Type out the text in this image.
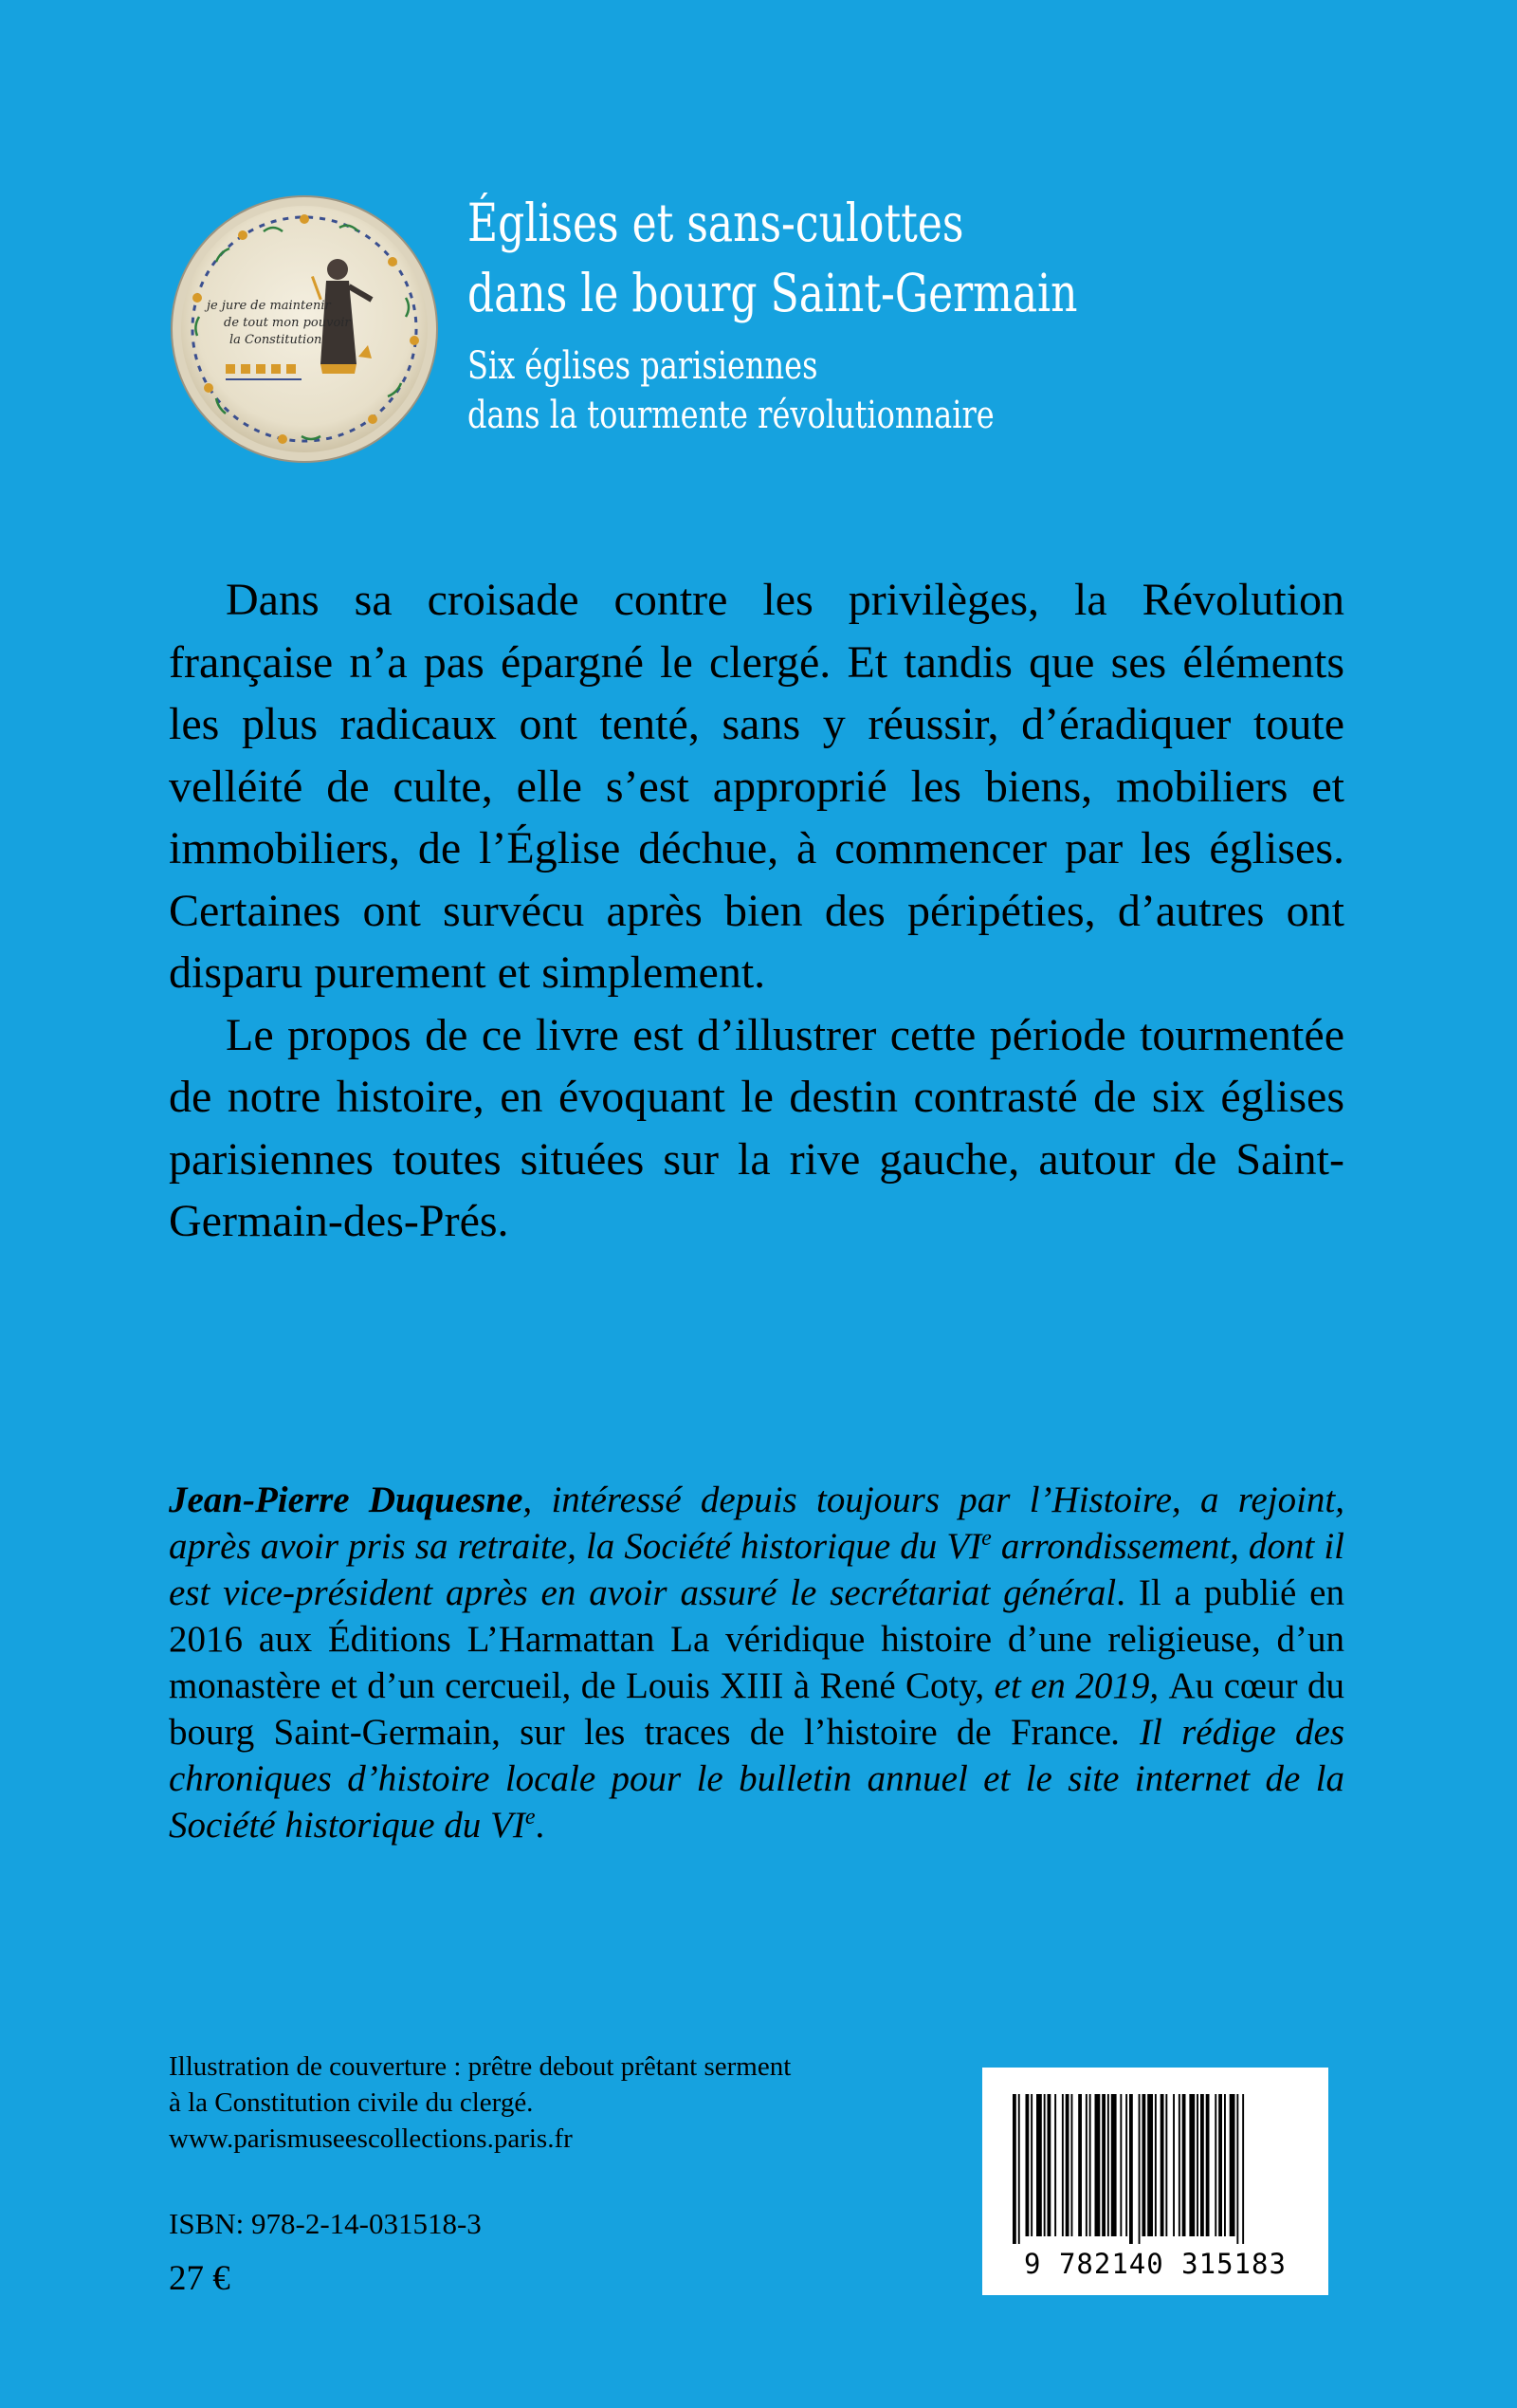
je jure de maintenir
de tout mon pouvoir
la Constitution
Églises et sans-culottes
dans le bourg Saint-Germain
Six églises parisiennes
dans la tourmente révolutionnaire

Dans sa croisade contre les privilèges, la Révolution française n’a pas épargné le clergé. Et tandis que ses éléments les plus radicaux ont tenté, sans y réussir, d’éradiquer toute velléité de culte, elle s’est approprié les biens, mobiliers et immobiliers, de l’Église déchue, à commencer par les églises. Certaines ont survécu après bien des péripéties, d’autres ont disparu purement et simplement.

Le propos de ce livre est d’illustrer cette période tourmentée de notre histoire, en évoquant le destin contrasté de six églises parisiennes toutes situées sur la rive gauche, autour de Saint-Germain-des-Prés.

Jean-Pierre Duquesne, intéressé depuis toujours par l’Histoire, a rejoint, après avoir pris sa retraite, la Société historique du VIe arrondissement, dont il est vice-président après en avoir assuré le secrétariat général. Il a publié en 2016 aux Éditions L’Harmattan La véridique histoire d’une religieuse, d’un monastère et d’un cercueil, de Louis XIII à René Coty, et en 2019, Au cœur du bourg Saint-Germain, sur les traces de l’histoire de France. Il rédige des chroniques d’histoire locale pour le bulletin annuel et le site internet de la Société historique du VIe.

Illustration de couverture : prêtre debout prêtant serment
à la Constitution civile du clergé.
www.parismuseescollections.paris.fr
ISBN: 978-2-14-031518-3
27 €	9 782140 315183
